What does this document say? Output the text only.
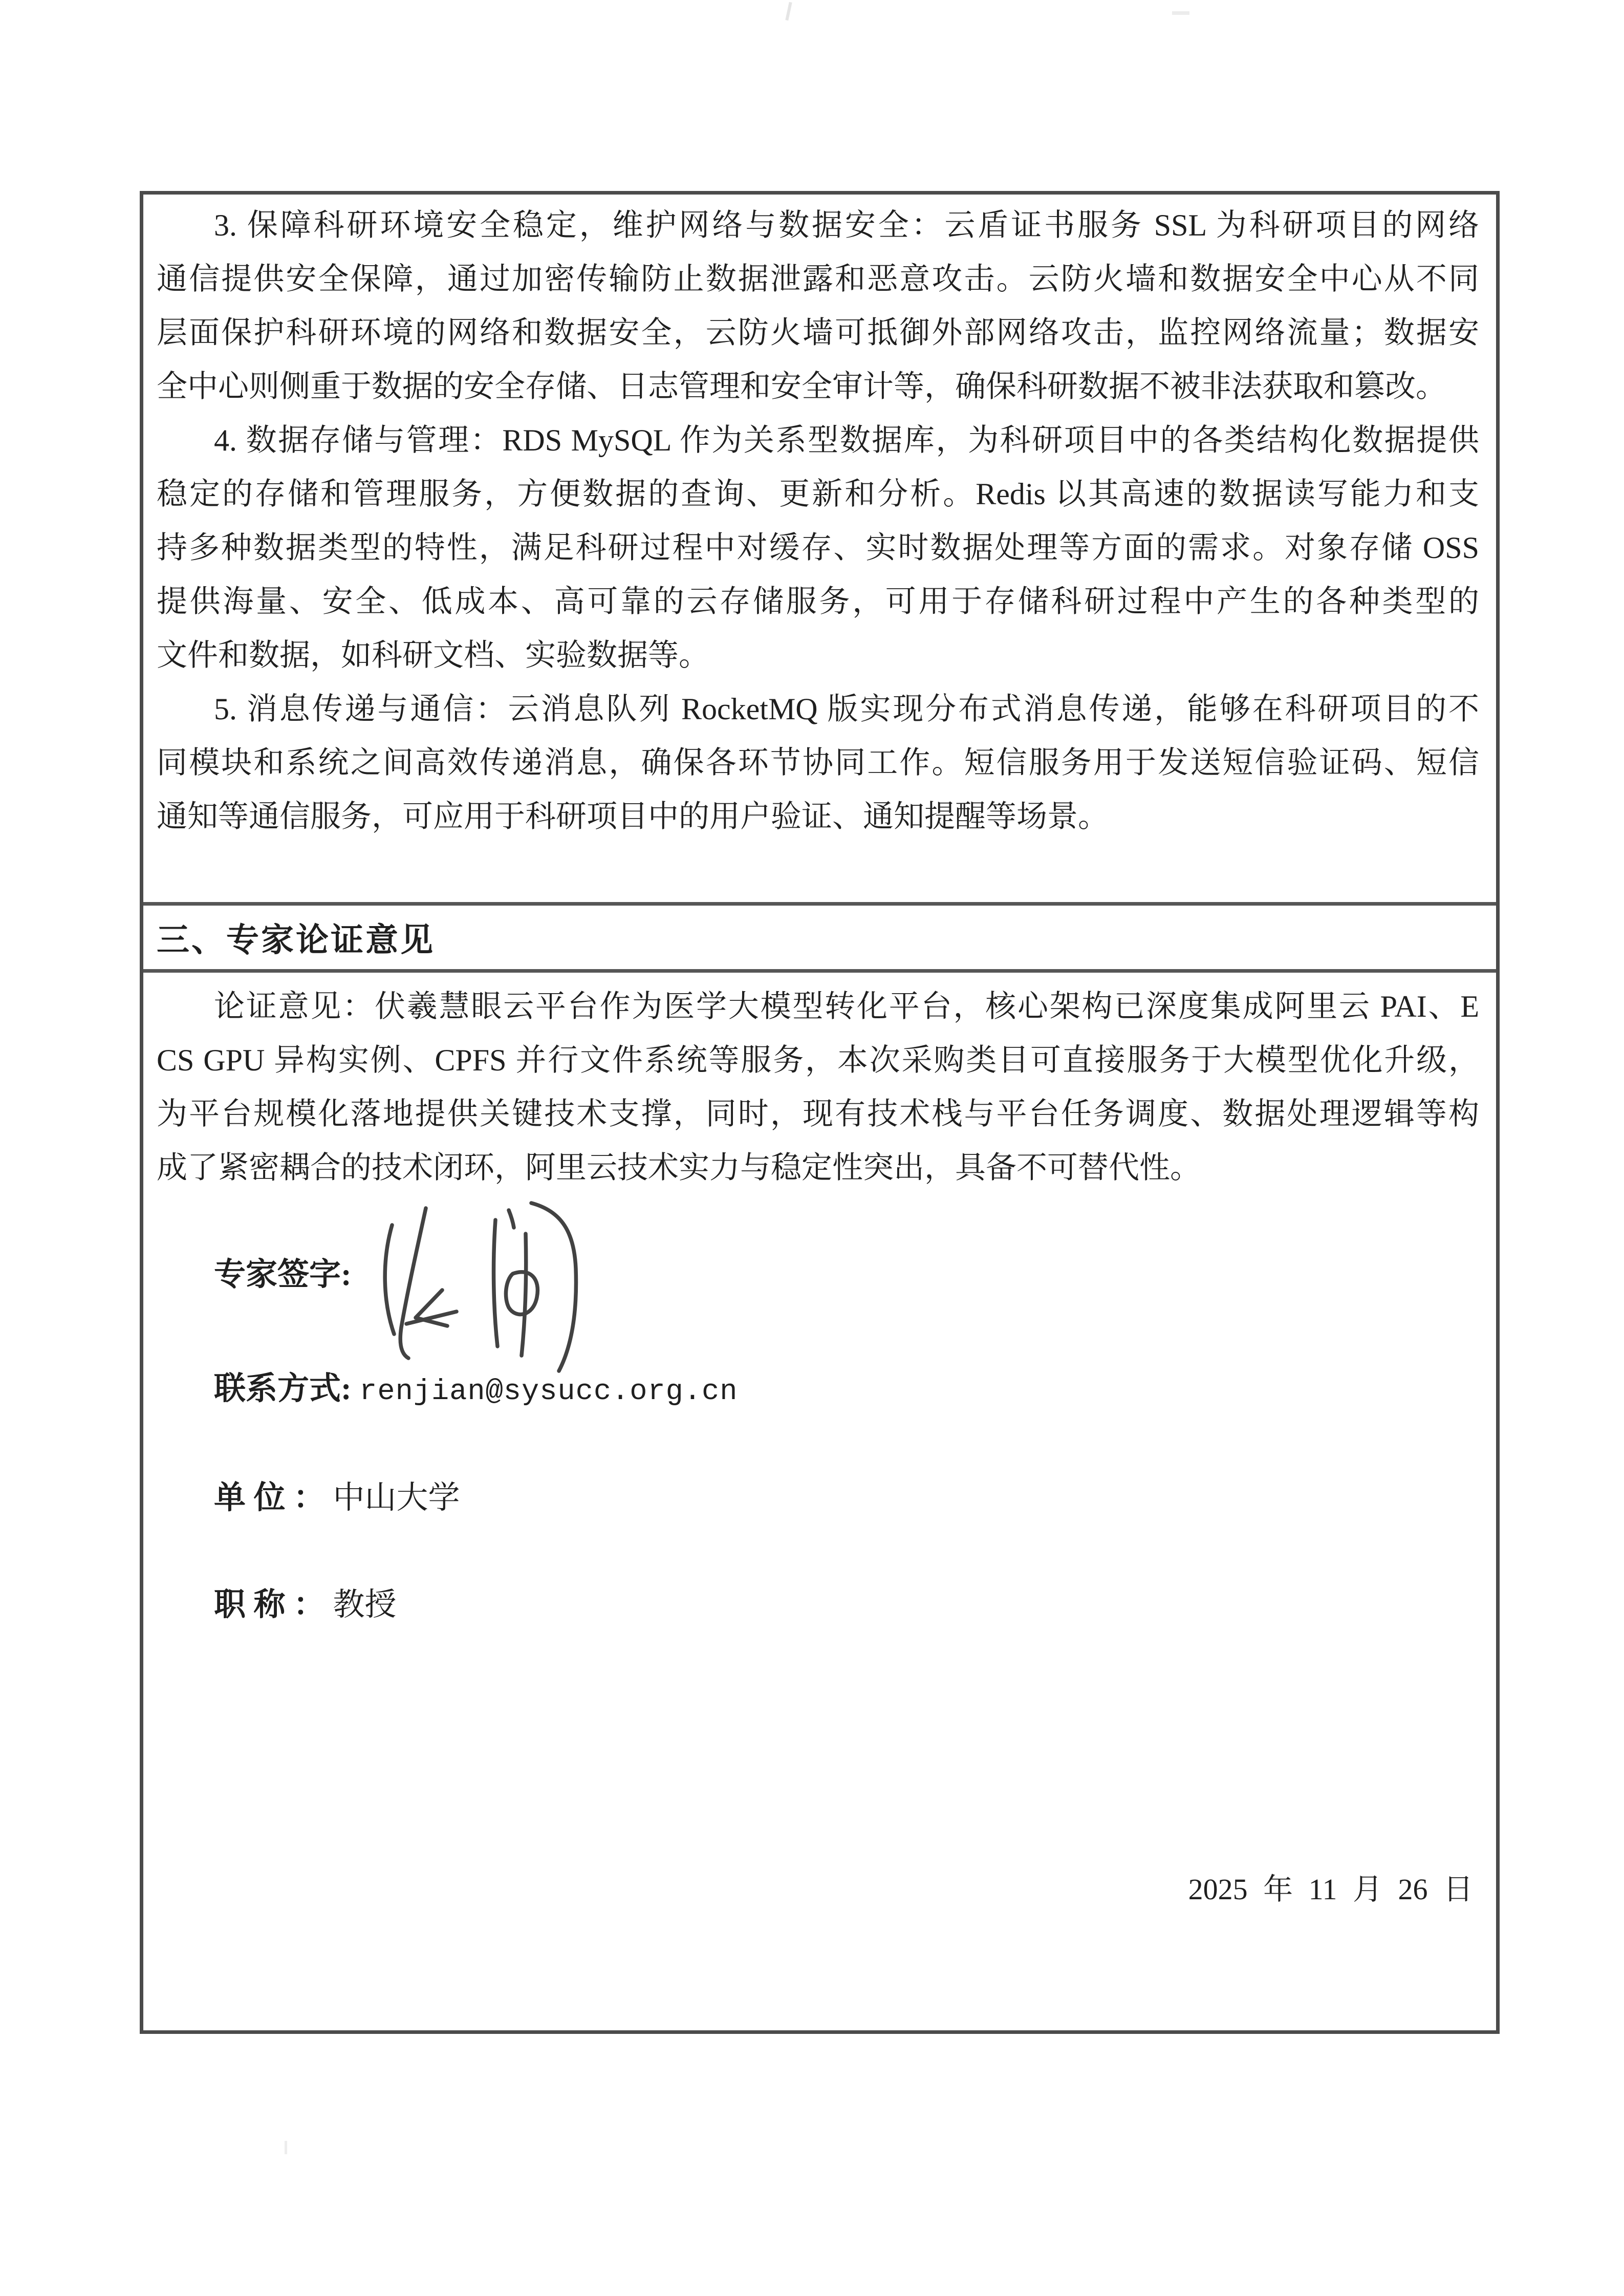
3. 保障科研环境安全稳定，维护网络与数据安全：云盾证书服务 SSL 为科研项目的网络
通信提供安全保障，通过加密传输防止数据泄露和恶意攻击。云防火墙和数据安全中心从不同
层面保护科研环境的网络和数据安全，云防火墙可抵御外部网络攻击，监控网络流量；数据安
全中心则侧重于数据的安全存储、日志管理和安全审计等，确保科研数据不被非法获取和篡改。
4. 数据存储与管理：RDS MySQL 作为关系型数据库，为科研项目中的各类结构化数据提供
稳定的存储和管理服务，方便数据的查询、更新和分析。Redis 以其高速的数据读写能力和支
持多种数据类型的特性，满足科研过程中对缓存、实时数据处理等方面的需求。对象存储 OSS
提供海量、安全、低成本、高可靠的云存储服务，可用于存储科研过程中产生的各种类型的
文件和数据，如科研文档、实验数据等。
5. 消息传递与通信：云消息队列 RocketMQ 版实现分布式消息传递，能够在科研项目的不
同模块和系统之间高效传递消息，确保各环节协同工作。短信服务用于发送短信验证码、短信
通知等通信服务，可应用于科研项目中的用户验证、通知提醒等场景。
三、专家论证意见
论证意见：伏羲慧眼云平台作为医学大模型转化平台，核心架构已深度集成阿里云 PAI、E
CS GPU 异构实例、CPFS 并行文件系统等服务，本次采购类目可直接服务于大模型优化升级，
为平台规模化落地提供关键技术支撑，同时，现有技术栈与平台任务调度、数据处理逻辑等构
成了紧密耦合的技术闭环，阿里云技术实力与稳定性突出，具备不可替代性。
专家签字:
联系方式: renjian@sysucc.org.cn
单 位 ： 中山大学
职 称 ： 教授
2025 年 11 月 26 日
